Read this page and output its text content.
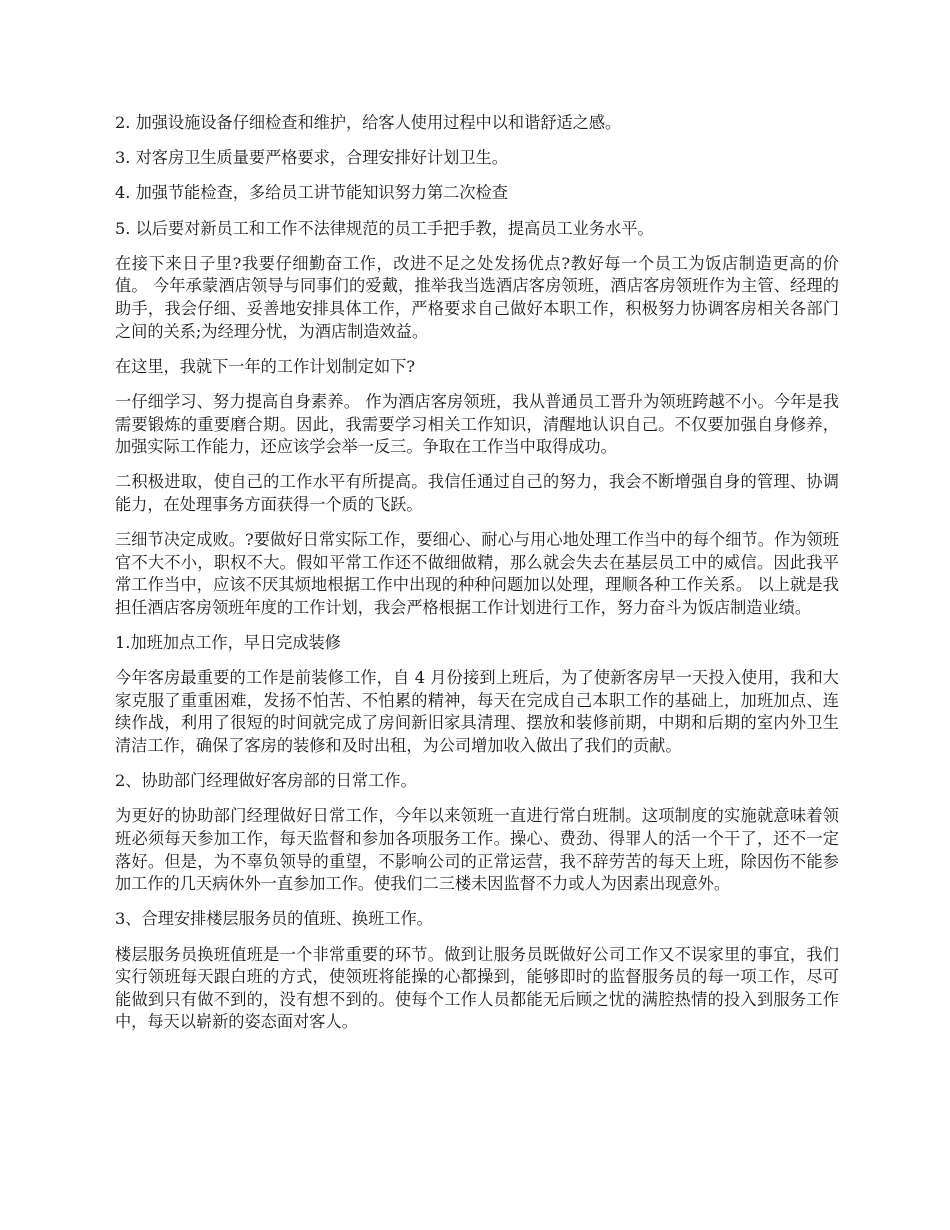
2. 加强设施设备仔细检查和维护，给客人使用过程中以和谐舒适之感。

3. 对客房卫生质量要严格要求，合理安排好计划卫生。

4. 加强节能检查，多给员工讲节能知识努力第二次检查

5. 以后要对新员工和工作不法律规范的员工手把手教，提高员工业务水平。

在接下来日子里?我要仔细勤奋工作，改进不足之处发扬优点?教好每一个员工为饭店制造更高的价值。 今年承蒙酒店领导与同事们的爱戴，推举我当选酒店客房领班，酒店客房领班作为主管、经理的助手，我会仔细、妥善地安排具体工作，严格要求自己做好本职工作，积极努力协调客房相关各部门之间的关系;为经理分忧，为酒店制造效益。

在这里，我就下一年的工作计划制定如下?

一仔细学习、努力提高自身素养。 作为酒店客房领班，我从普通员工晋升为领班跨越不小。今年是我需要锻炼的重要磨合期。因此，我需要学习相关工作知识，清醒地认识自己。不仅要加强自身修养，加强实际工作能力，还应该学会举一反三。争取在工作当中取得成功。

二积极进取，使自己的工作水平有所提高。我信任通过自己的努力，我会不断增强自身的管理、协调能力，在处理事务方面获得一个质的飞跃。

三细节决定成败。?要做好日常实际工作，要细心、耐心与用心地处理工作当中的每个细节。作为领班官不大不小，职权不大。假如平常工作还不做细做精，那么就会失去在基层员工中的威信。因此我平常工作当中，应该不厌其烦地根据工作中出现的种种问题加以处理，理顺各种工作关系。 以上就是我担任酒店客房领班年度的工作计划，我会严格根据工作计划进行工作，努力奋斗为饭店制造业绩。

1.加班加点工作，早日完成装修

今年客房最重要的工作是前装修工作，自 4 月份接到上班后，为了使新客房早一天投入使用，我和大家克服了重重困难，发扬不怕苦、不怕累的精神，每天在完成自己本职工作的基础上，加班加点、连续作战，利用了很短的时间就完成了房间新旧家具清理、摆放和装修前期，中期和后期的室内外卫生清洁工作，确保了客房的装修和及时出租，为公司增加收入做出了我们的贡献。

2、协助部门经理做好客房部的日常工作。

为更好的协助部门经理做好日常工作，今年以来领班一直进行常白班制。这项制度的实施就意味着领班必须每天参加工作，每天监督和参加各项服务工作。操心、费劲、得罪人的活一个干了，还不一定落好。但是，为不辜负领导的重望，不影响公司的正常运营，我不辞劳苦的每天上班，除因伤不能参加工作的几天病休外一直参加工作。使我们二三楼未因监督不力或人为因素出现意外。

3、合理安排楼层服务员的值班、换班工作。

楼层服务员换班值班是一个非常重要的环节。做到让服务员既做好公司工作又不误家里的事宜，我们实行领班每天跟白班的方式，使领班将能操的心都操到，能够即时的监督服务员的每一项工作，尽可能做到只有做不到的，没有想不到的。使每个工作人员都能无后顾之忧的满腔热情的投入到服务工作中，每天以崭新的姿态面对客人。
